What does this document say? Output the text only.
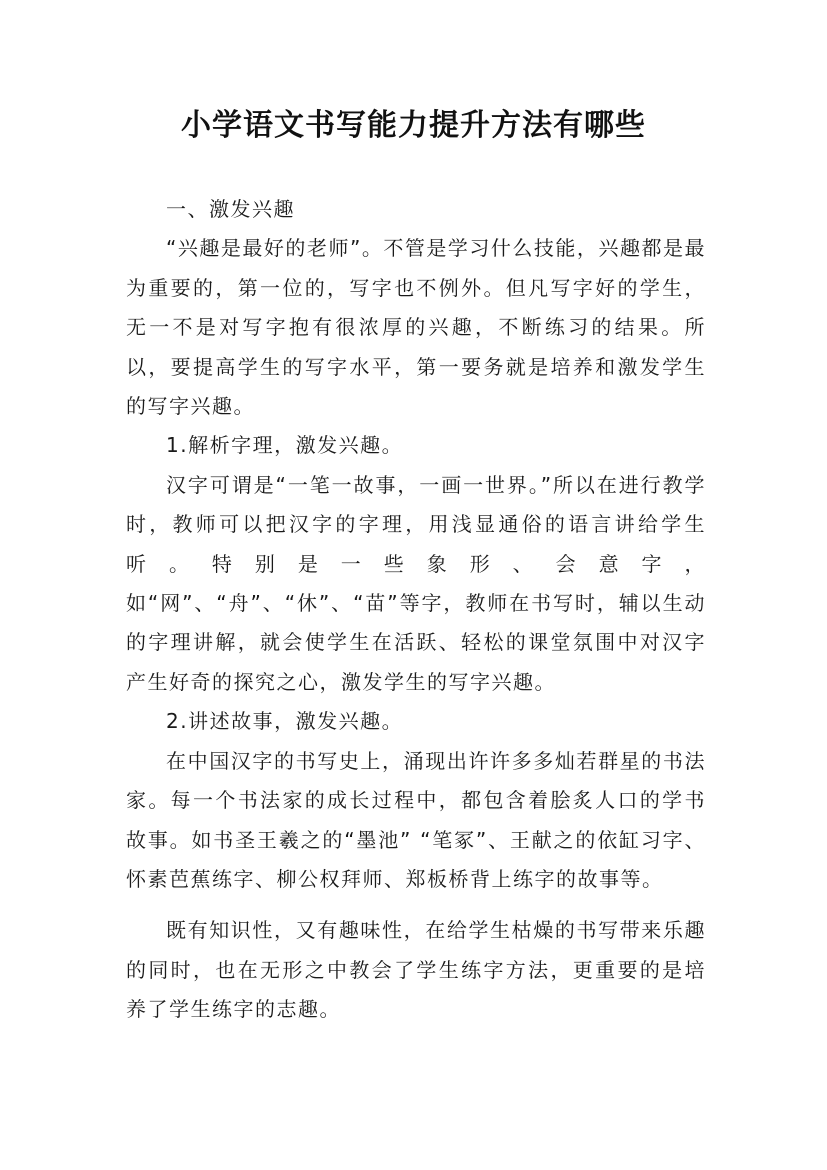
小学语文书写能力提升方法有哪些

一、激发兴趣

“兴趣是最好的老师”。不管是学习什么技能，兴趣都是最为重要的，第一位的，写字也不例外。但凡写字好的学生，无一不是对写字抱有很浓厚的兴趣，不断练习的结果。所以，要提高学生的写字水平，第一要务就是培养和激发学生的写字兴趣。

1.解析字理，激发兴趣。

汉字可谓是“一笔一故事，一画一世界。”所以在进行教学时，教师可以把汉字的字理，用浅显通俗的语言讲给学生听。特别是一些象形、会意字，如“网”、“舟”、“休”、“苗”等字，教师在书写时，辅以生动的字理讲解，就会使学生在活跃、轻松的课堂氛围中对汉字产生好奇的探究之心，激发学生的写字兴趣。

2.讲述故事，激发兴趣。

在中国汉字的书写史上，涌现出许许多多灿若群星的书法家。每一个书法家的成长过程中，都包含着脍炙人口的学书故事。如书圣王羲之的“墨池” “笔冢”、王献之的依缸习字、怀素芭蕉练字、柳公权拜师、郑板桥背上练字的故事等。

既有知识性，又有趣味性，在给学生枯燥的书写带来乐趣的同时，也在无形之中教会了学生练字方法，更重要的是培养了学生练字的志趣。
